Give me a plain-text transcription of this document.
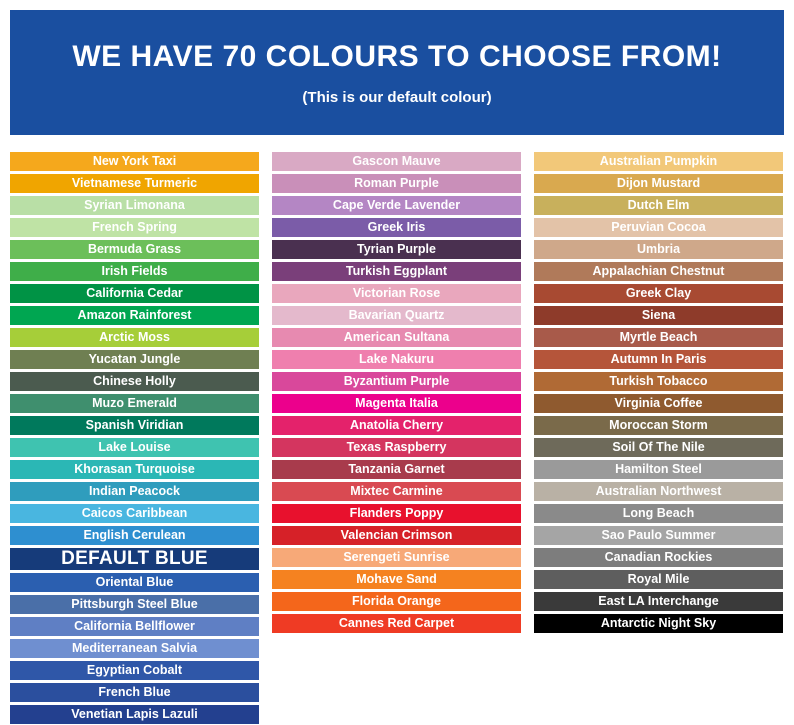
WE HAVE 70 COLOURS TO CHOOSE FROM!
(This is our default colour)
New York Taxi
Vietnamese Turmeric
Syrian Limonana
French Spring
Bermuda Grass
Irish Fields
California Cedar
Amazon Rainforest
Arctic Moss
Yucatan Jungle
Chinese Holly
Muzo Emerald
Spanish Viridian
Lake Louise
Khorasan Turquoise
Indian Peacock
Caicos Caribbean
English Cerulean
DEFAULT BLUE
Oriental Blue
Pittsburgh Steel Blue
California Bellflower
Mediterranean Salvia
Egyptian Cobalt
French Blue
Venetian Lapis Lazuli
Gascon Mauve
Roman Purple
Cape Verde Lavender
Greek Iris
Tyrian Purple
Turkish Eggplant
Victorian Rose
Bavarian Quartz
American Sultana
Lake Nakuru
Byzantium Purple
Magenta Italia
Anatolia Cherry
Texas Raspberry
Tanzania Garnet
Mixtec Carmine
Flanders Poppy
Valencian Crimson
Serengeti Sunrise
Mohave Sand
Florida Orange
Cannes Red Carpet
Australian Pumpkin
Dijon Mustard
Dutch Elm
Peruvian Cocoa
Umbria
Appalachian Chestnut
Greek Clay
Siena
Myrtle Beach
Autumn In Paris
Turkish Tobacco
Virginia Coffee
Moroccan Storm
Soil Of The Nile
Hamilton Steel
Australian Northwest
Long Beach
Sao Paulo Summer
Canadian Rockies
Royal Mile
East LA Interchange
Antarctic Night Sky
